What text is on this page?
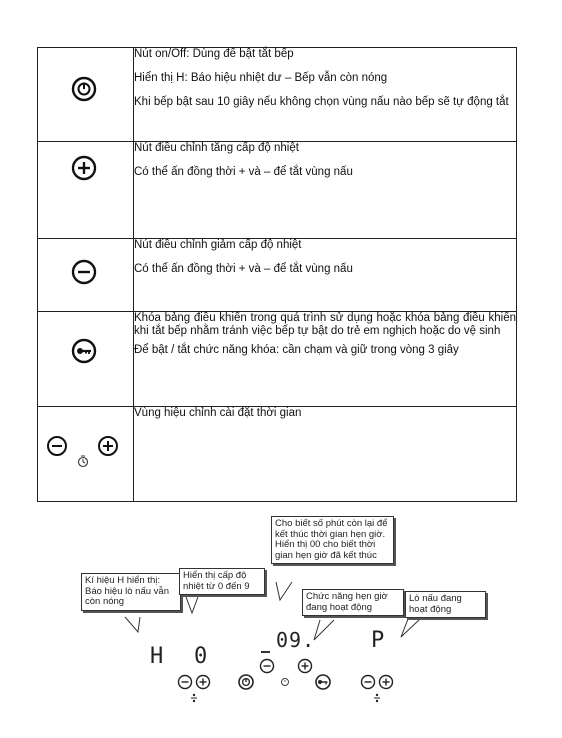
Nút on/Off: Dùng để bật tắt bếp

Hiển thị H: Báo hiệu nhiệt dư – Bếp vẫn còn nóng

Khi bếp bật sau 10 giây nếu không chọn vùng nấu nào bếp sẽ tự động tắt

Nút điều chỉnh tăng cấp độ nhiệt

Có thể ấn đồng thời + và – để tắt vùng nấu

Nút điều chỉnh giảm cấp độ nhiệt

Có thể ấn đồng thời + và – để tắt vùng nấu

Khóa bảng điều khiển trong quá trình sử dụng hoặc khóa bảng điều khiển khi tắt bếp nhằm tránh việc bếp tự bật do trẻ em nghịch hoặc do vệ sinh

Để bật / tắt chức năng khóa: cần chạm và giữ trong vòng 3 giây

Vùng hiệu chỉnh cài đặt thời gian

Kí hiệu H hiển thị: Báo hiệu lò nấu vẫn còn nóng
Hiển thị cấp độ nhiệt từ 0 đến 9
Cho biết số phút còn lại để kết thúc thời gian hẹn giờ. Hiển thị 00 cho biết thời gian hẹn giờ đã kết thúc
Chức năng hẹn giờ đang hoạt động
Lò nấu đang hoạt động
H 0
09.	P
